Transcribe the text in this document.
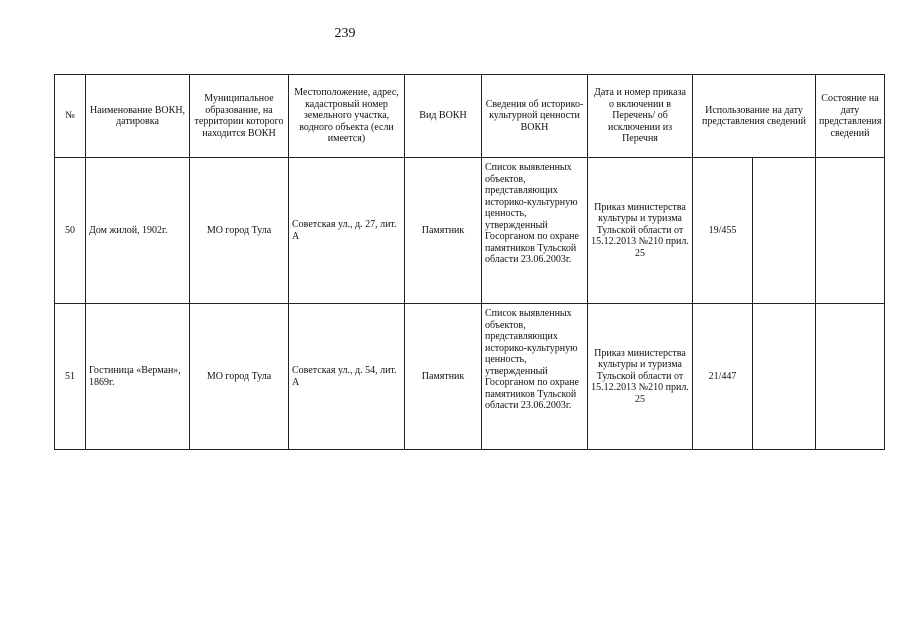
239
№	Наименование ВОКН, датировка	Муниципальное образование, на территории которого находится ВОКН	Местоположение, адрес, кадастровый номер земельного участка, водного объекта (если имеется)	Вид ВОКН	Сведения об историко-культурной ценности ВОКН	Дата и номер приказа о включении в Перечень/ об исключении из Перечня	Использование на дату представления сведений		Состояние на дату представления сведений
50	Дом жилой, 1902г.	МО город Тула	Советская ул., д. 27, лит. А	Памятник	Список выявленных объектов, представляющих историко-культурную ценность, утвержденный Госорганом по охране памятников Тульской области 23.06.2003г.	Приказ министерства культуры и туризма Тульской области от 15.12.2013 №210 прил. 25	19/455		
51	Гостиница «Верман», 1869г.	МО город Тула	Советская ул., д. 54, лит. А	Памятник	Список выявленных объектов, представляющих историко-культурную ценность, утвержденный Госорганом по охране памятников Тульской области 23.06.2003г.	Приказ министерства культуры и туризма Тульской области от 15.12.2013 №210 прил. 25	21/447		
